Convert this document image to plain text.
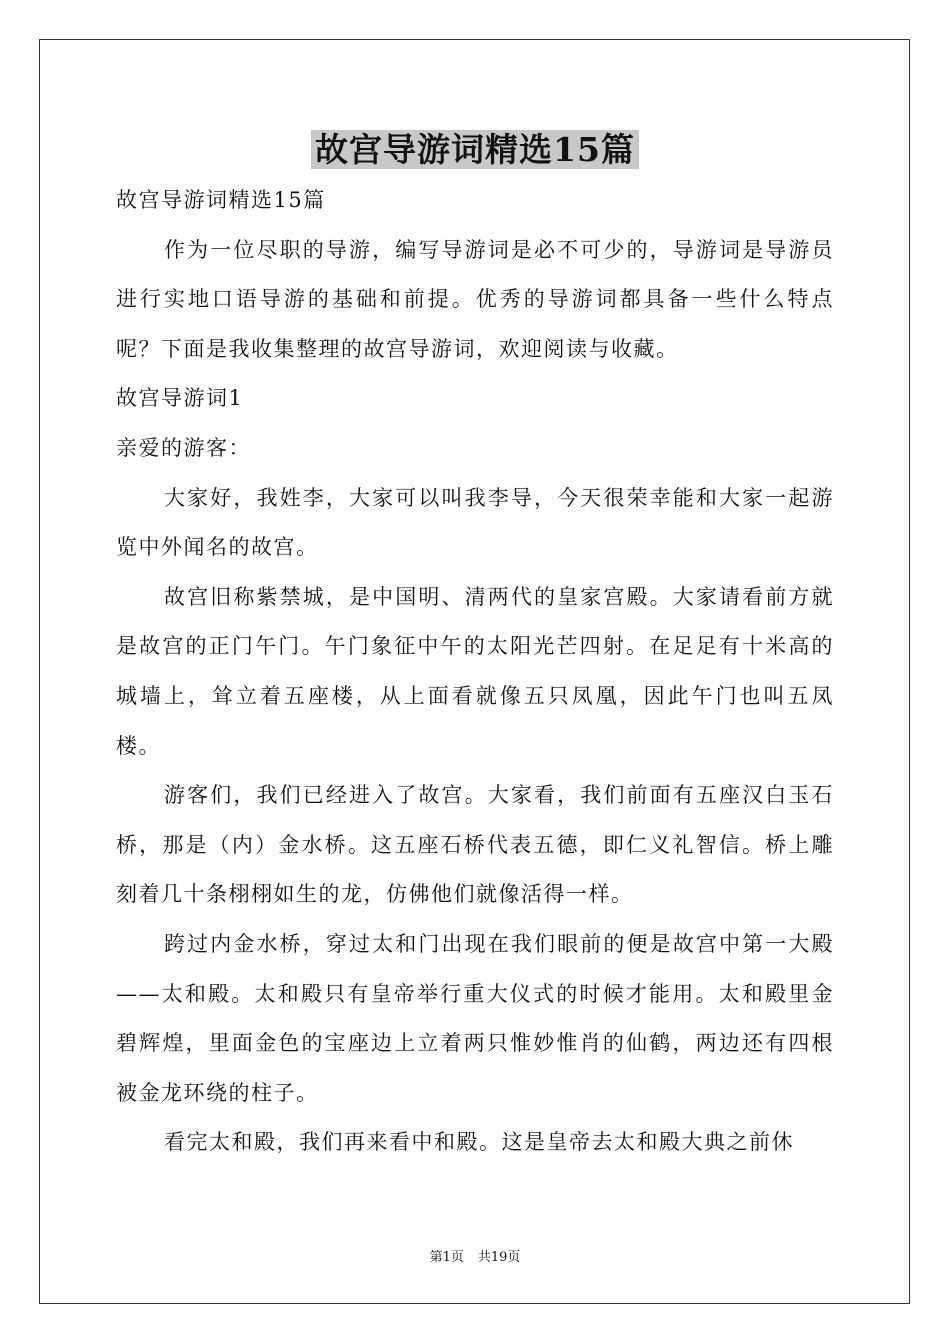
故宫导游词精选15篇

故宫导游词精选15篇

作为一位尽职的导游，编写导游词是必不可少的，导游词是导游员进行实地口语导游的基础和前提。优秀的导游词都具备一些什么特点呢？下面是我收集整理的故宫导游词，欢迎阅读与收藏。

故宫导游词1

亲爱的游客：

大家好，我姓李，大家可以叫我李导，今天很荣幸能和大家一起游览中外闻名的故宫。

故宫旧称紫禁城，是中国明、清两代的皇家宫殿。大家请看前方就是故宫的正门午门。午门象征中午的太阳光芒四射。在足足有十米高的城墙上，耸立着五座楼，从上面看就像五只凤凰，因此午门也叫五凤楼。

游客们，我们已经进入了故宫。大家看，我们前面有五座汉白玉石桥，那是（内）金水桥。这五座石桥代表五德，即仁义礼智信。桥上雕刻着几十条栩栩如生的龙，仿佛他们就像活得一样。

跨过内金水桥，穿过太和门出现在我们眼前的便是故宫中第一大殿——太和殿。太和殿只有皇帝举行重大仪式的时候才能用。太和殿里金碧辉煌，里面金色的宝座边上立着两只惟妙惟肖的仙鹤，两边还有四根被金龙环绕的柱子。

看完太和殿，我们再来看中和殿。这是皇帝去太和殿大典之前休

第1页 共19页
